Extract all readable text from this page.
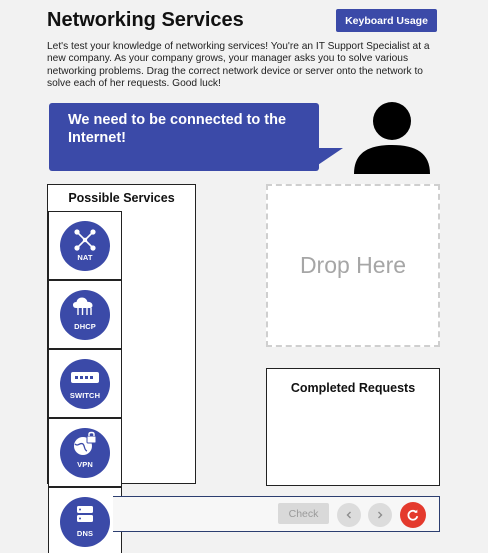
Networking Services	Keyboard Usage

Let's test your knowledge of networking services! You're an IT Support Specialist at a new company. As your company grows, your manager asks you to solve various networking problems. Drag the correct network device or server onto the network to solve each of her requests. Good luck!

We need to be connected to the Internet!
Possible Services
NAT
DHCP
SWITCH
VPN
DNS
Drop Here
Completed Requests
Check
